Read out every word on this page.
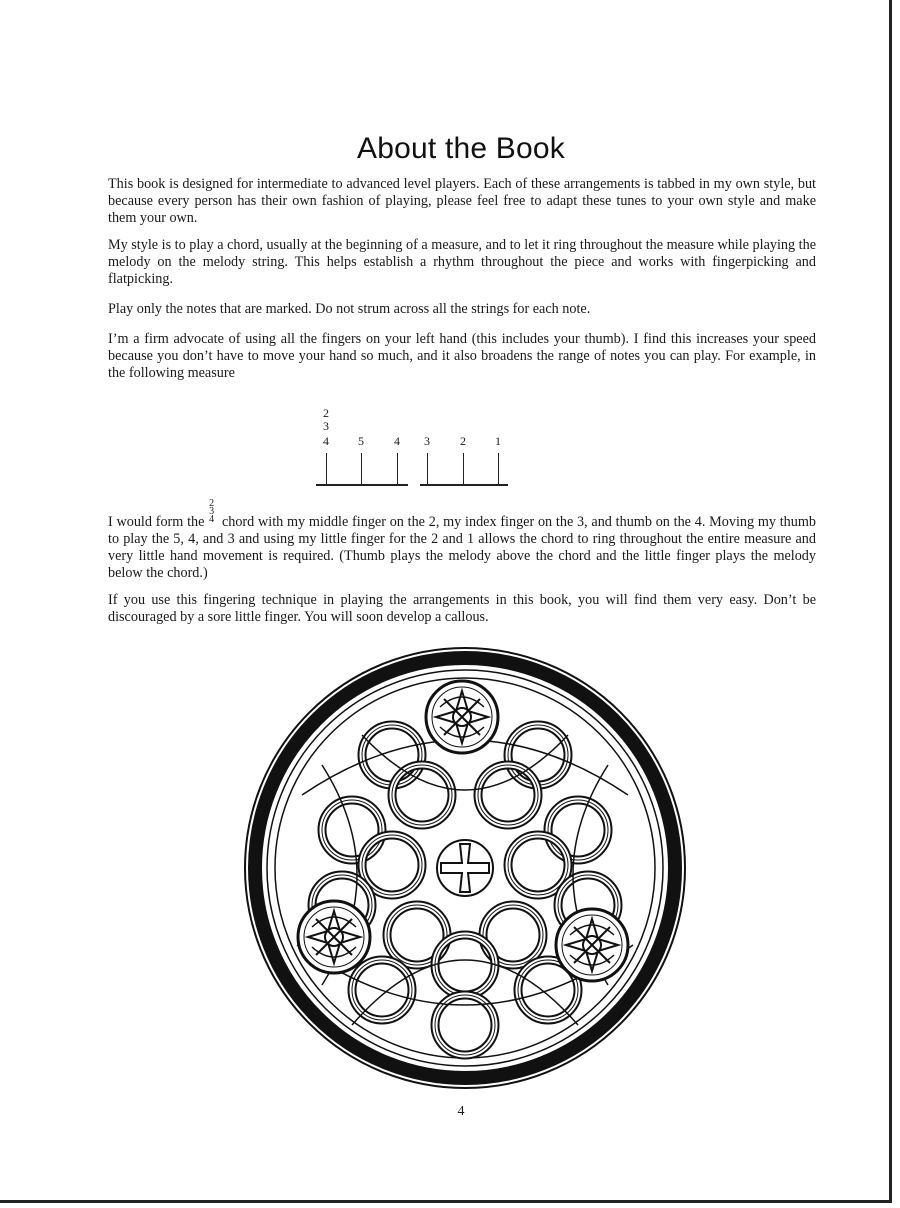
About the Book

This book is designed for intermediate to advanced level players. Each of these arrangements is tabbed in my own style, but because every person has their own fashion of playing, please feel free to adapt these tunes to your own style and make them your own.

My style is to play a chord, usually at the beginning of a measure, and to let it ring throughout the measure while playing the melody on the melody string. This helps establish a rhythm throughout the piece and works with fingerpicking and flatpicking.

Play only the notes that are marked. Do not strum across all the strings for each note.

I’m a firm advocate of using all the fingers on your left hand (this includes your thumb). I find this increases your speed because you don’t have to move your hand so much, and it also broadens the range of notes you can play. For example, in the following measure

2
3
4 5	4 3	2 1

I would form the
2
3
4 chord with my middle finger on the 2, my index finger on the 3, and thumb on the 4. Moving my thumb to play the 5, 4, and 3 and using my little finger for the 2 and 1 allows the chord to ring throughout the entire measure and very little hand movement is required. (Thumb plays the melody above the chord and the little finger plays the melody below the chord.)

If you use this fingering technique in playing the arrangements in this book, you will find them very easy. Don’t be discouraged by a sore little finger. You will soon develop a callous.

4
